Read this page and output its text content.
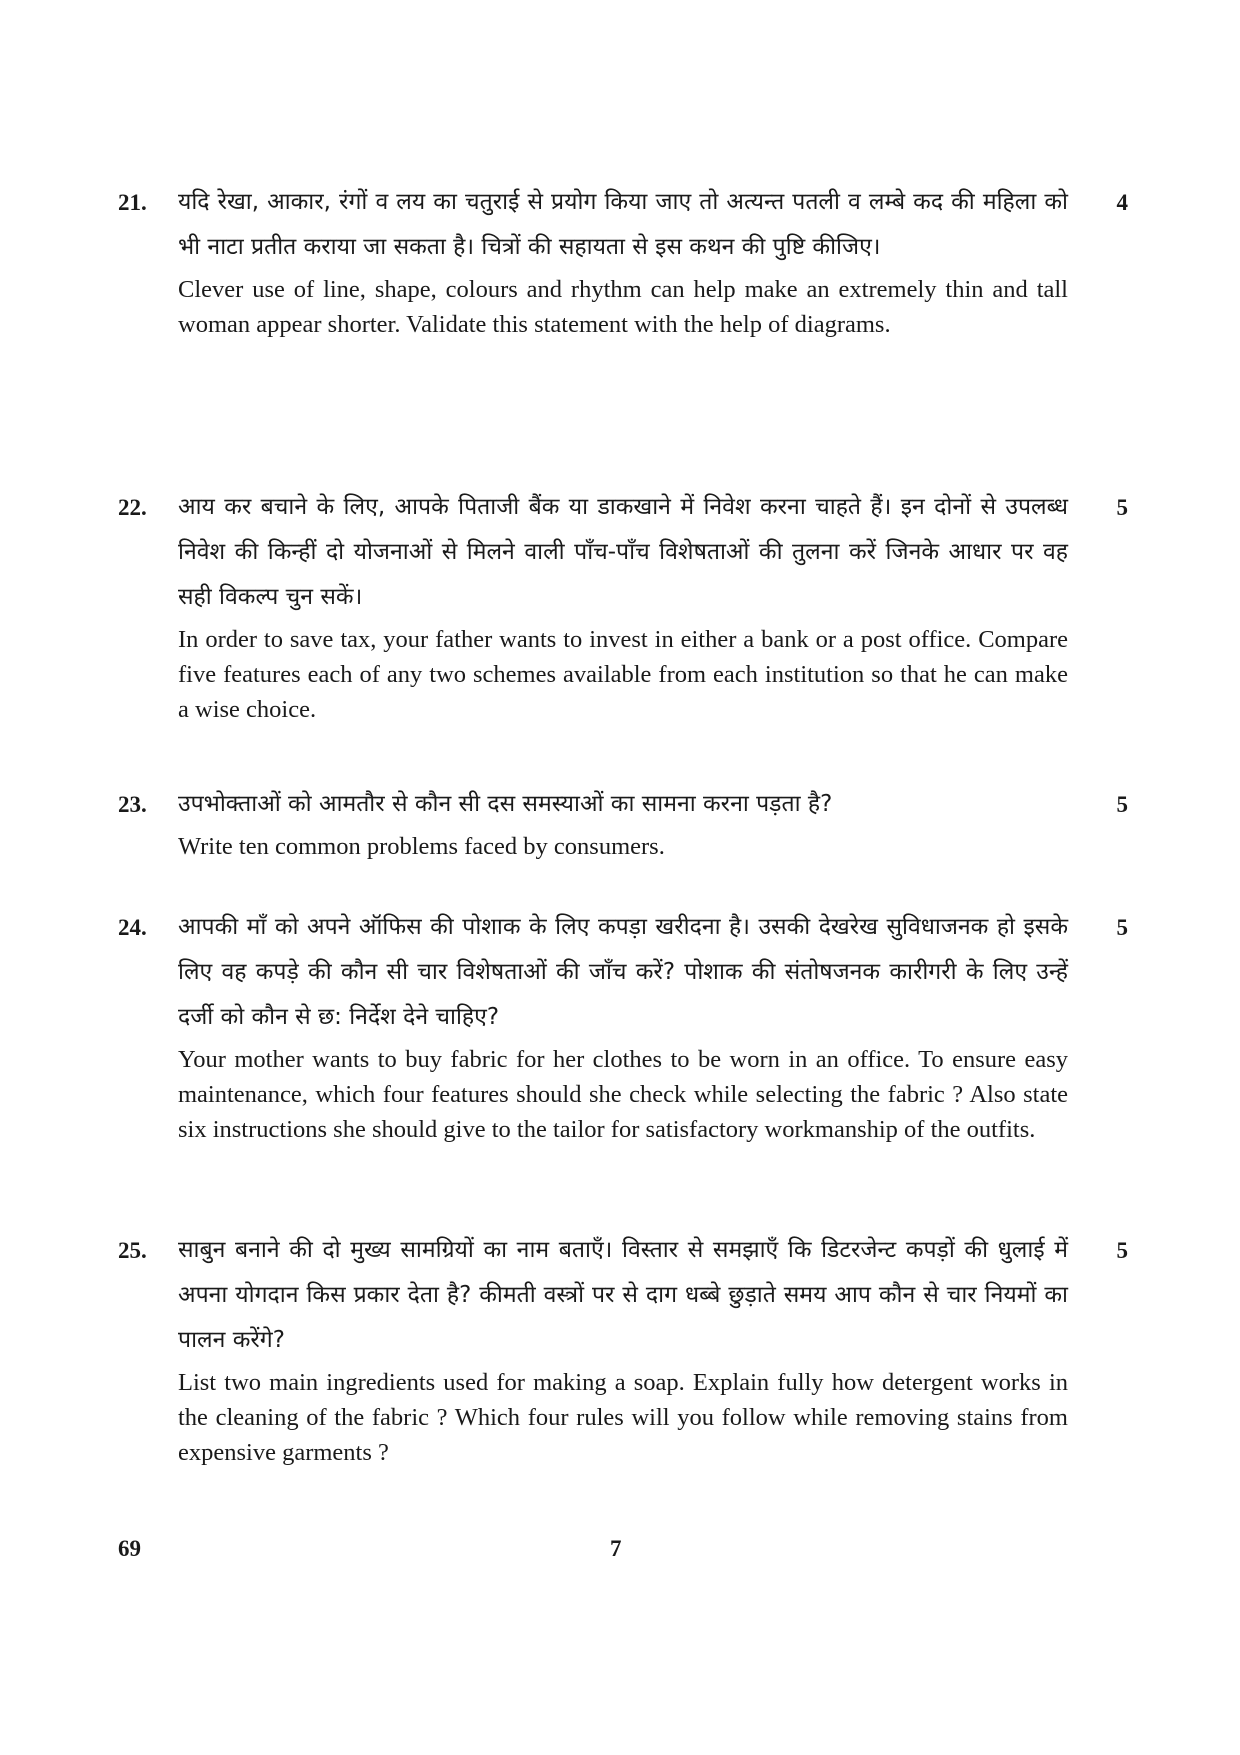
21.	4
यदि रेखा, आकार, रंगों व लय का चतुराई से प्रयोग किया जाए तो अत्यन्त पतली व लम्बे कद की महिला को भी नाटा प्रतीत कराया जा सकता है। चित्रों की सहायता से इस कथन की पुष्टि कीजिए।
Clever use of line, shape, colours and rhythm can help make an extremely thin and tall woman appear shorter. Validate this statement with the help of diagrams.
22.	5
आय कर बचाने के लिए, आपके पिताजी बैंक या डाकखाने में निवेश करना चाहते हैं। इन दोनों से उपलब्ध निवेश की किन्हीं दो योजनाओं से मिलने वाली पाँच-पाँच विशेषताओं की तुलना करें जिनके आधार पर वह सही विकल्प चुन सकें।
In order to save tax, your father wants to invest in either a bank or a post office. Compare five features each of any two schemes available from each institution so that he can make a wise choice.
23.	5
उपभोक्ताओं को आमतौर से कौन सी दस समस्याओं का सामना करना पड़ता है?
Write ten common problems faced by consumers.
24.	5
आपकी माँ को अपने ऑफिस की पोशाक के लिए कपड़ा खरीदना है। उसकी देखरेख सुविधाजनक हो इसके लिए वह कपड़े की कौन सी चार विशेषताओं की जाँच करें? पोशाक की संतोषजनक कारीगरी के लिए उन्हें दर्जी को कौन से छ: निर्देश देने चाहिए?
Your mother wants to buy fabric for her clothes to be worn in an office. To ensure easy maintenance, which four features should she check while selecting the fabric ? Also state six instructions she should give to the tailor for satisfactory workmanship of the outfits.
25.	5
साबुन बनाने की दो मुख्य सामग्रियों का नाम बताएँ। विस्तार से समझाएँ कि डिटरजेन्ट कपड़ों की धुलाई में अपना योगदान किस प्रकार देता है? कीमती वस्त्रों पर से दाग धब्बे छुड़ाते समय आप कौन से चार नियमों का पालन करेंगे?
List two main ingredients used for making a soap. Explain fully how detergent works in the cleaning of the fabric ? Which four rules will you follow while removing stains from expensive garments ?
69	7
